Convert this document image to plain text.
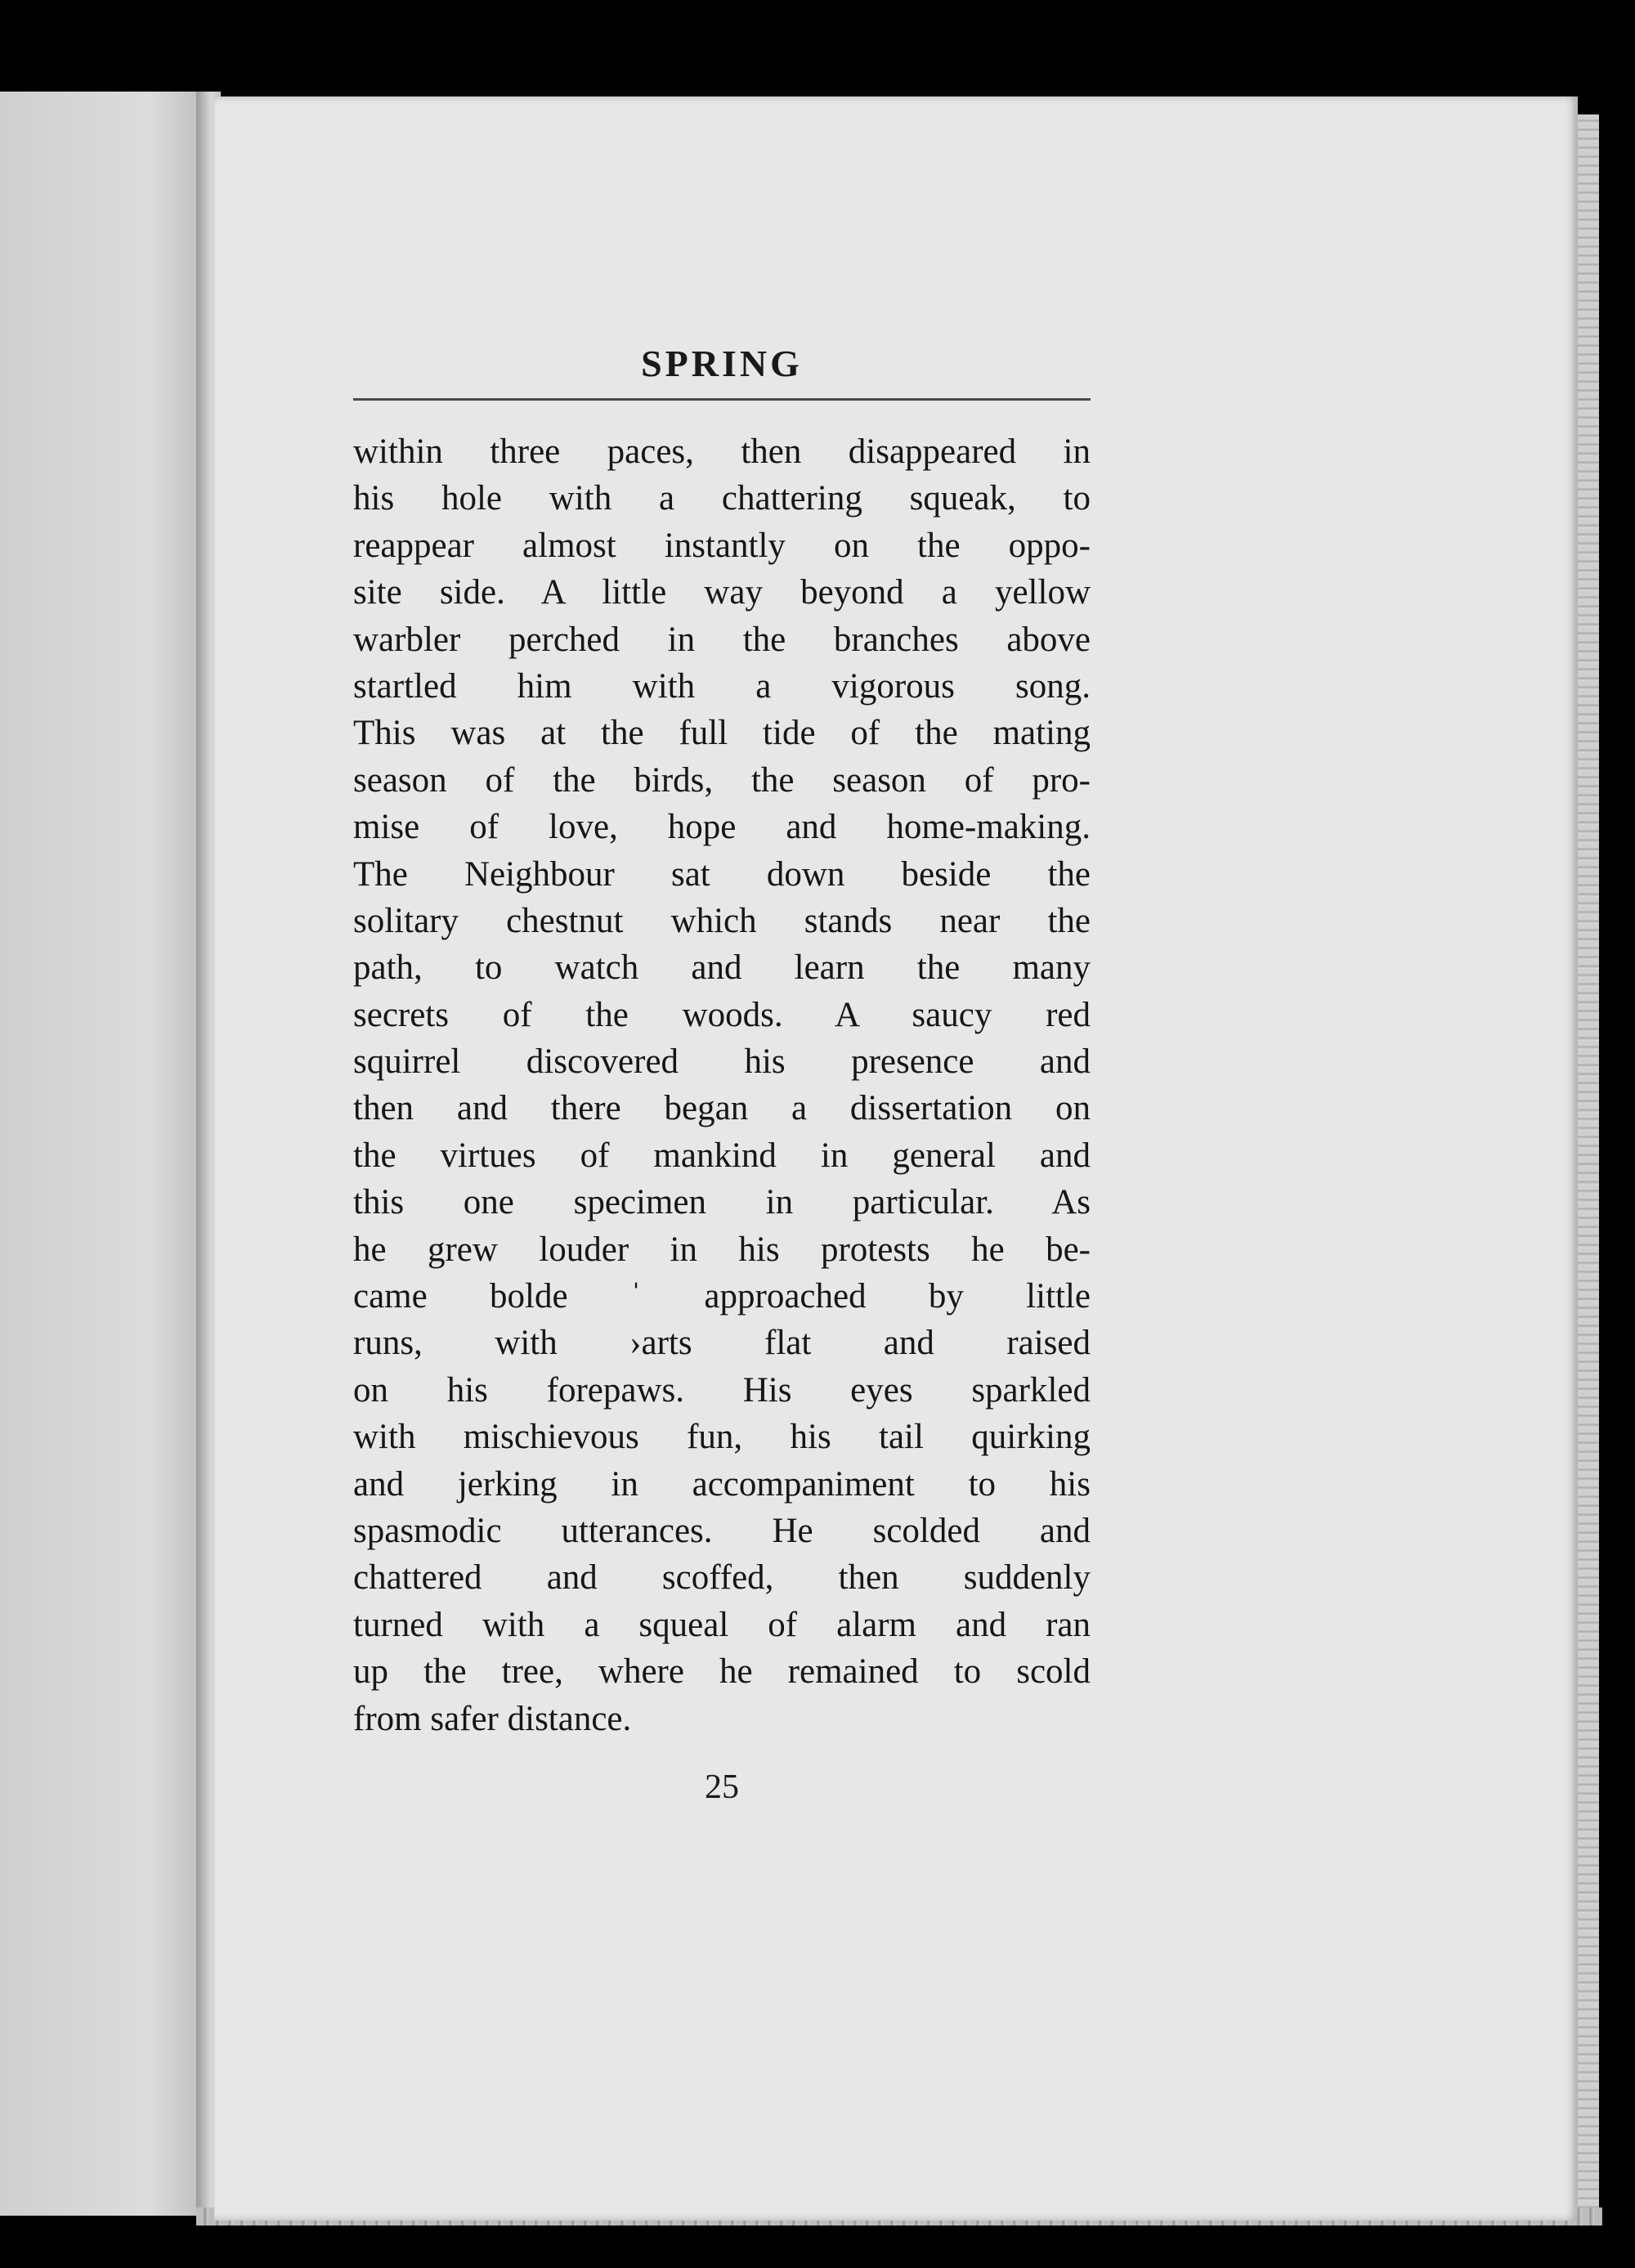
SPRING
within three paces, then disappeared in
his hole with a chattering squeak, to
reappear almost instantly on the oppo-
site side. A little way beyond a yellow
warbler perched in the branches above
startled him with a vigorous song.
This was at the full tide of the mating
season of the birds, the season of pro-
mise of love, hope and home-making.
The Neighbour sat down beside the
solitary chestnut which stands near the
path, to watch and learn the many
secrets of the woods. A saucy red
squirrel discovered his presence and
then and there began a dissertation on
the virtues of mankind in general and
this one specimen in particular. As
he grew louder in his protests he be-
came bolde ˈ approached by little
runs, with ›arts flat and raised
on his forepaws. His eyes sparkled
with mischievous fun, his tail quirking
and jerking in accompaniment to his
spasmodic utterances. He scolded and
chattered and scoffed, then suddenly
turned with a squeal of alarm and ran
up the tree, where he remained to scold
from safer distance.

25
